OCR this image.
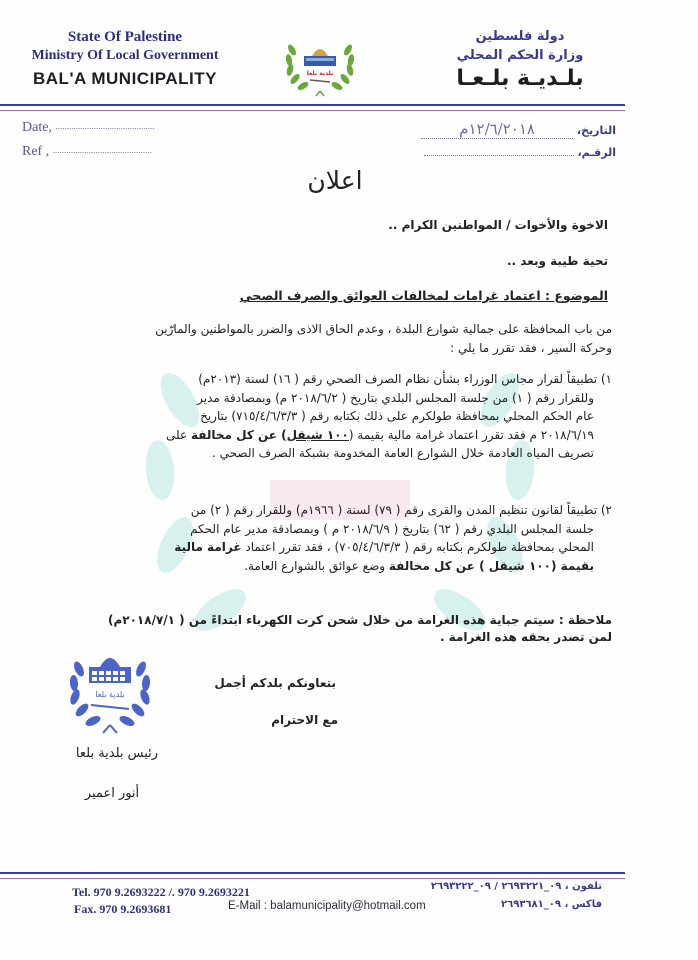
State Of Palestine
Ministry Of Local Government
BAL'A MUNICIPALITY	بلدية بلعا
دولة فلسطين
وزارة الحكم المحلي
بلـديـة بلـعـا
Date, ............................................
Ref , ............................................
التاريخ، ١٢/٦/٢٠١٨م
الرقـم،
اعلان
الاخوة والأخوات / المواطنين الكرام ..
تحية طيبة وبعد ..
الموضوع : اعتماد غرامات لمخالفات العوائق والصرف الصحي
من باب المحافظة على جمالية شوارع البلدة ، وعدم الحاق الاذى والضرر بالمواطنين والمارّين
وحركة السير ، فقد تقرر ما يلي :
١) تطبيقاً لقرار مجاس الوزراء بشأن نظام الصرف الصحي رقم ( ١٦) لسنة (٢٠١٣م)
وللقرار رقم ( ١) من جلسة المجلس البلدي بتاريخ ( ٢٠١٨/٦/٢ م) وبمصادقة مدير
عام الحكم المحلي بمحافظة طولكرم على ذلك بكتابه رقم ( ٧١٥/٤/٦/٣/٣) بتاريخ
٢٠١٨/٦/١٩ م فقد تقرر اعتماد غرامة مالية بقيمة (١٠٠ شيقل) عن كل مخالفة على
تصريف المياه العادمة خلال الشوارع العامة المخدومة بشبكة الصرف الصحي .
٢) تطبيقاً لقانون تنظيم المدن والقرى رقم ( ٧٩) لسنة ( ١٩٦٦م) وللقرار رقم ( ٢) من
جلسة المجلس البلدي رقم ( ٦٢) بتاريخ ( ٢٠١٨/٦/٩ م ) وبمصادقة مدير عام الحكم
المحلي بمحافظة طولكرم بكتابه رقم ( ٧٠٥/٤/٦/٣/٣) ، فقد تقرر اعتماد غرامة مالية
بقيمة (١٠٠ شيقل ) عن كل مخالفة وضع عوائق بالشوارع العامة.
ملاحظة : سيتم جباية هذه الغرامة من خلال شحن كرت الكهرباء ابتداءً من ( ٢٠١٨/٧/١م)
لمن تصدر بحقه هذه الغرامة .
بتعاونكم بلدكم أجمل
مع الاحترام
بلدية بلعا
رئيس بلدية بلعا
أنور اعمير
Tel. 970 9.2693222 /. 970 9.2693221
Fax. 970 9.2693681	E-Mail : balamunicipality@hotmail.com
تلفون ، ٠٩_٢٦٩٣٢٢١ / ٠٩_٢٦٩٣٢٢٢
فاكس ، ٠٩_٢٦٩٣٦٨١
